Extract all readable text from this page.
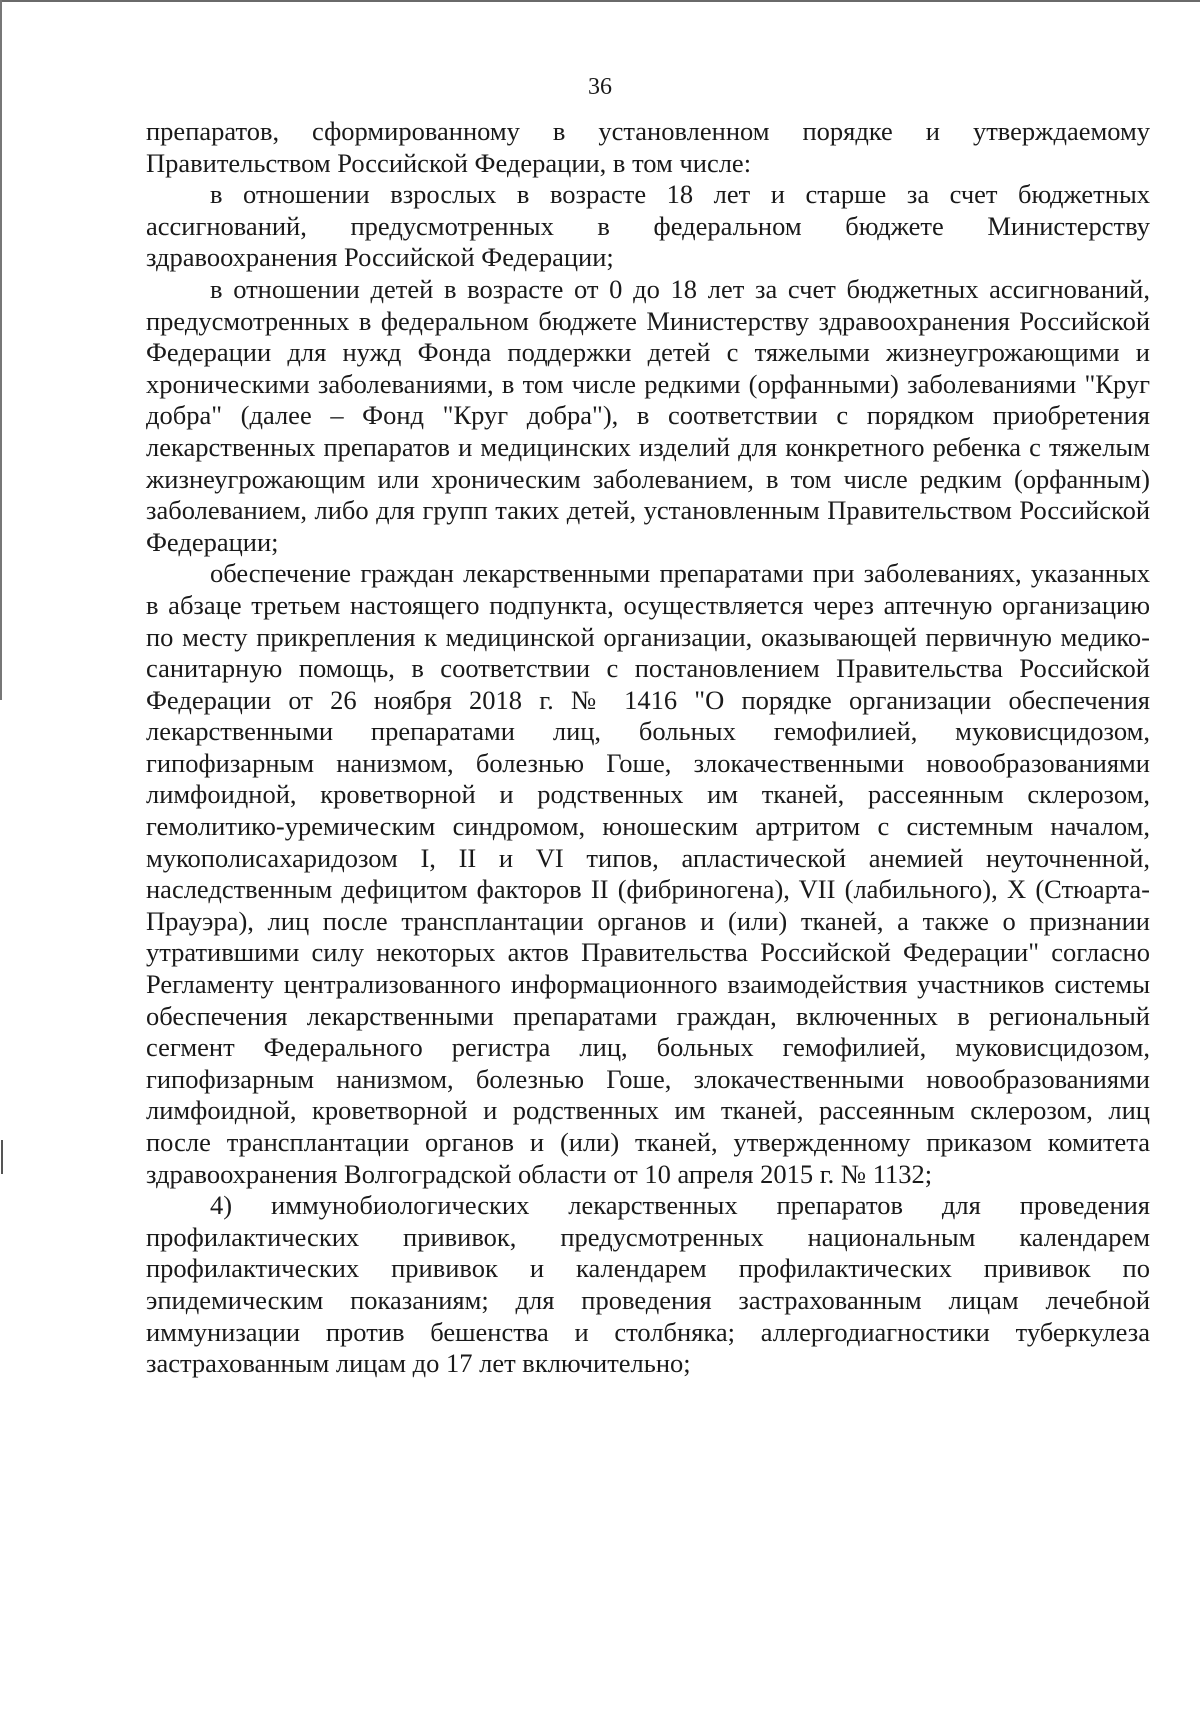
36

препаратов, сформированному в установленном порядке и утверждаемому Правительством Российской Федерации, в том числе:

в отношении взрослых в возрасте 18 лет и старше за счет бюджетных ассигнований, предусмотренных в федеральном бюджете Министерству здравоохранения Российской Федерации;

в отношении детей в возрасте от 0 до 18 лет за счет бюджетных ассигнований, предусмотренных в федеральном бюджете Министерству здравоохранения Российской Федерации для нужд Фонда поддержки детей с тяжелыми жизнеугрожающими и хроническими заболеваниями, в том числе редкими (орфанными) заболеваниями "Круг добра" (далее – Фонд "Круг добра"), в соответствии с порядком приобретения лекарственных препаратов и медицинских изделий для конкретного ребенка с тяжелым жизнеугрожающим или хроническим заболеванием, в том числе редким (орфанным) заболеванием, либо для групп таких детей, установленным Правительством Российской Федерации;

обеспечение граждан лекарственными препаратами при заболеваниях, указанных в абзаце третьем настоящего подпункта, осуществляется через аптечную организацию по месту прикрепления к медицинской организации, оказывающей первичную медико-санитарную помощь, в соответствии с постановлением Правительства Российской Федерации от 26 ноября 2018 г. № 1416 "О порядке организации обеспечения лекарственными препаратами лиц, больных гемофилией, муковисцидозом, гипофизарным нанизмом, болезнью Гоше, злокачественными новообразованиями лимфоидной, кроветворной и родственных им тканей, рассеянным склерозом, гемолитико-уремическим синдромом, юношеским артритом с системным началом, мукополисахаридозом I, II и VI типов, апластической анемией неуточненной, наследственным дефицитом факторов II (фибриногена), VII (лабильного), X (Стюарта-Прауэра), лиц после трансплантации органов и (или) тканей, а также о признании утратившими силу некоторых актов Правительства Российской Федерации" согласно Регламенту централизованного информационного взаимодействия участников системы обеспечения лекарственными препаратами граждан, включенных в региональный сегмент Федерального регистра лиц, больных гемофилией, муковисцидозом, гипофизарным нанизмом, болезнью Гоше, злокачественными новообразованиями лимфоидной, кроветворной и родственных им тканей, рассеянным склерозом, лиц после трансплантации органов и (или) тканей, утвержденному приказом комитета здравоохранения Волгоградской области от 10 апреля 2015 г. № 1132;

4) иммунобиологических лекарственных препаратов для проведения профилактических прививок, предусмотренных национальным календарем профилактических прививок и календарем профилактических прививок по эпидемическим показаниям; для проведения застрахованным лицам лечебной иммунизации против бешенства и столбняка; аллергодиагностики туберкулеза застрахованным лицам до 17 лет включительно;
